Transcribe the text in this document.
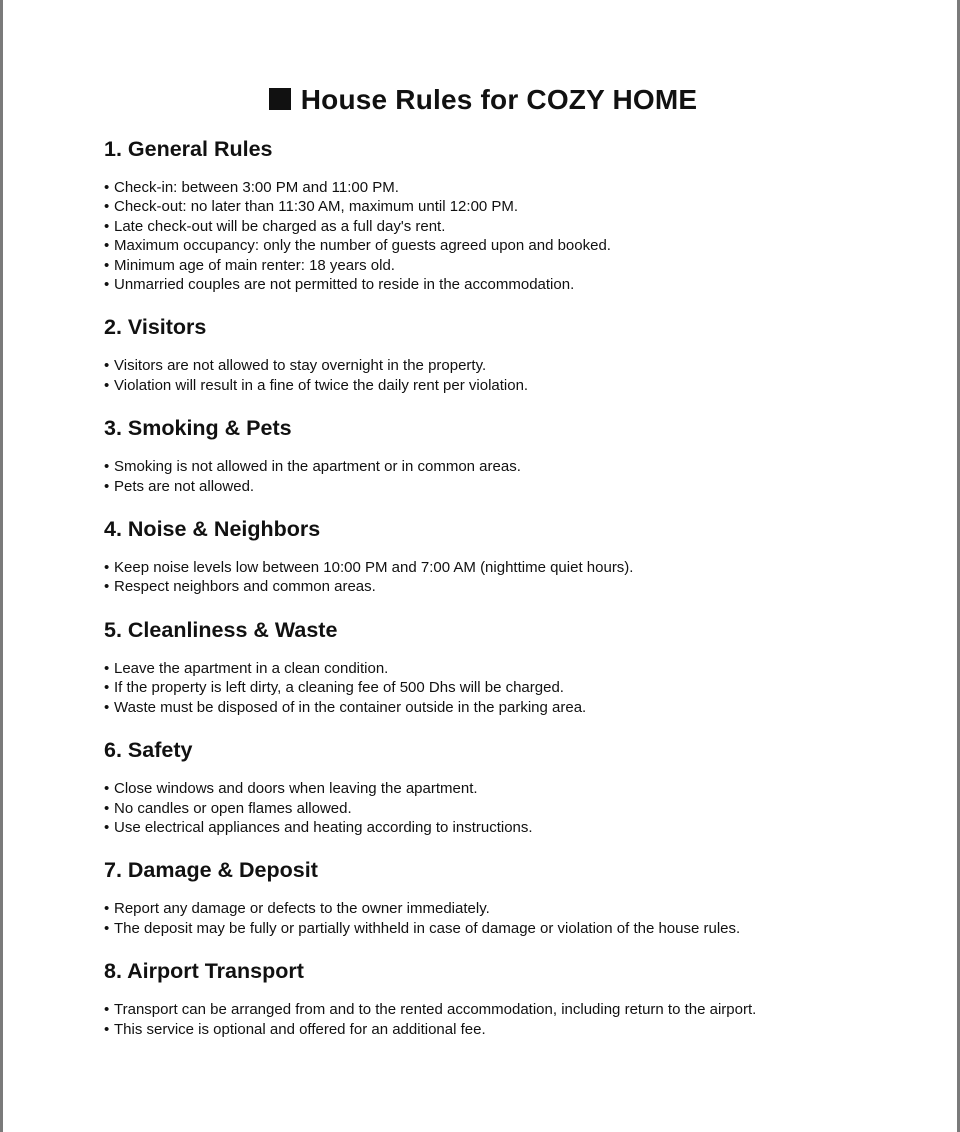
House Rules for COZY HOME
1. General Rules
• Check-in: between 3:00 PM and 11:00 PM.
• Check-out: no later than 11:30 AM, maximum until 12:00 PM.
• Late check-out will be charged as a full day's rent.
• Maximum occupancy: only the number of guests agreed upon and booked.
• Minimum age of main renter: 18 years old.
• Unmarried couples are not permitted to reside in the accommodation.
2. Visitors
• Visitors are not allowed to stay overnight in the property.
• Violation will result in a fine of twice the daily rent per violation.
3. Smoking & Pets
• Smoking is not allowed in the apartment or in common areas.
• Pets are not allowed.
4. Noise & Neighbors
• Keep noise levels low between 10:00 PM and 7:00 AM (nighttime quiet hours).
• Respect neighbors and common areas.
5. Cleanliness & Waste
• Leave the apartment in a clean condition.
• If the property is left dirty, a cleaning fee of 500 Dhs will be charged.
• Waste must be disposed of in the container outside in the parking area.
6. Safety
• Close windows and doors when leaving the apartment.
• No candles or open flames allowed.
• Use electrical appliances and heating according to instructions.
7. Damage & Deposit
• Report any damage or defects to the owner immediately.
• The deposit may be fully or partially withheld in case of damage or violation of the house rules.
8. Airport Transport
• Transport can be arranged from and to the rented accommodation, including return to the airport.
• This service is optional and offered for an additional fee.
